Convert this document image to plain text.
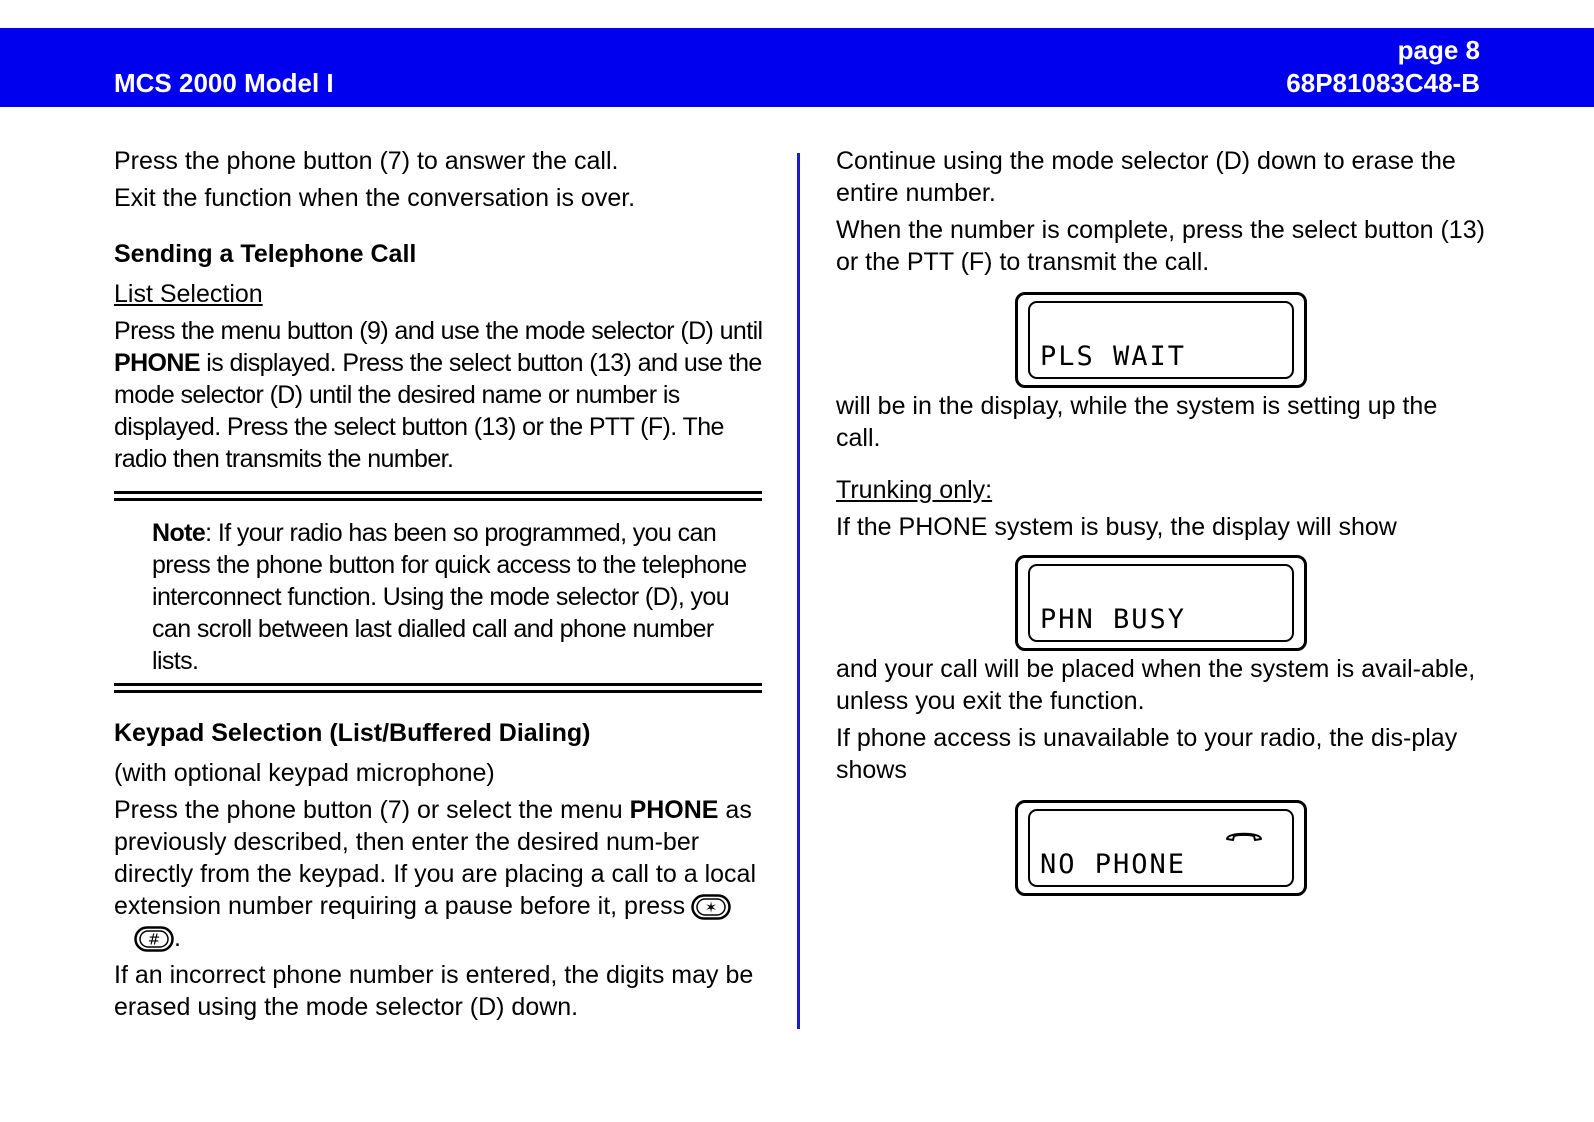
MCS 2000 Model I
page 8
68P81083C48-B

Press the phone button (7) to answer the call.

Exit the function when the conversation is over.

Sending a Telephone Call

List Selection

Press the menu button (9) and use the mode selector (D) until PHONE is displayed. Press the select button (13) and use the mode selector (D) until the desired name or number is displayed. Press the select button (13) or the PTT (F). The radio then transmits the number.

Note: If your radio has been so programmed, you can press the phone button for quick access to the telephone interconnect function. Using the mode selector (D), you can scroll between last dialled call and phone number lists.

Keypad Selection (List/Buffered Dialing)

(with optional keypad microphone)

Press the phone button (7) or select the menu PHONE as previously described, then enter the desired num-ber directly from the keypad. If you are placing a call to a local extension number requiring a pause before it, press ✶
# .

If an incorrect phone number is entered, the digits may be erased using the mode selector (D) down.

Continue using the mode selector (D) down to erase the entire number.

When the number is complete, press the select button (13) or the PTT (F) to transmit the call.

PLS WAIT

will be in the display, while the system is setting up the call.

Trunking only:

If the PHONE system is busy, the display will show

PHN BUSY

and your call will be placed when the system is avail-able, unless you exit the function.

If phone access is unavailable to your radio, the dis-play shows

NO PHONE
